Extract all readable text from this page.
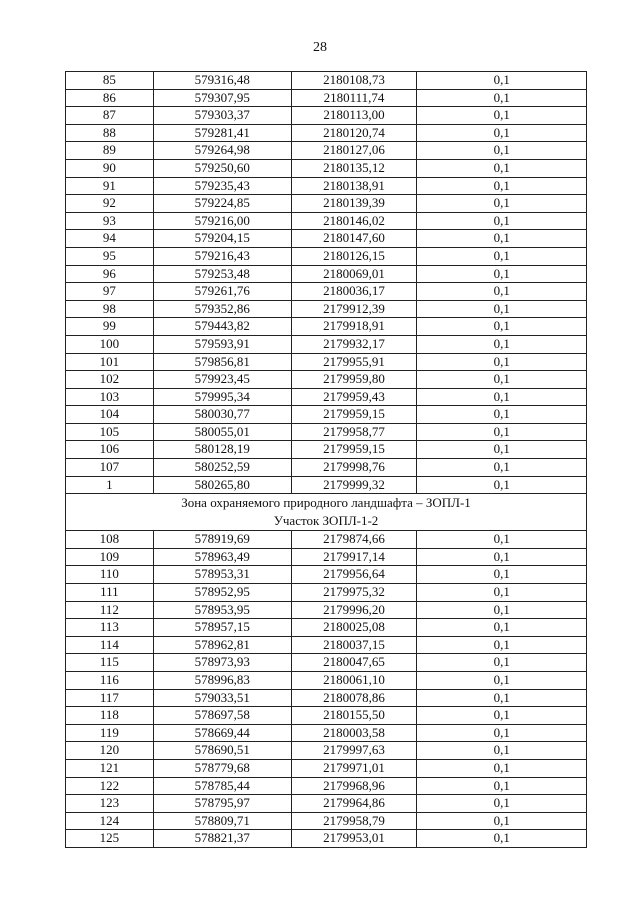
28
85	579316,48	2180108,73	0,1
86	579307,95	2180111,74	0,1
87	579303,37	2180113,00	0,1
88	579281,41	2180120,74	0,1
89	579264,98	2180127,06	0,1
90	579250,60	2180135,12	0,1
91	579235,43	2180138,91	0,1
92	579224,85	2180139,39	0,1
93	579216,00	2180146,02	0,1
94	579204,15	2180147,60	0,1
95	579216,43	2180126,15	0,1
96	579253,48	2180069,01	0,1
97	579261,76	2180036,17	0,1
98	579352,86	2179912,39	0,1
99	579443,82	2179918,91	0,1
100	579593,91	2179932,17	0,1
101	579856,81	2179955,91	0,1
102	579923,45	2179959,80	0,1
103	579995,34	2179959,43	0,1
104	580030,77	2179959,15	0,1
105	580055,01	2179958,77	0,1
106	580128,19	2179959,15	0,1
107	580252,59	2179998,76	0,1
1	580265,80	2179999,32	0,1

Зона охраняемого природного ландшафта – ЗОПЛ-1
Участок ЗОПЛ-1-2			

108	578919,69	2179874,66	0,1
109	578963,49	2179917,14	0,1
110	578953,31	2179956,64	0,1
111	578952,95	2179975,32	0,1
112	578953,95	2179996,20	0,1
113	578957,15	2180025,08	0,1
114	578962,81	2180037,15	0,1
115	578973,93	2180047,65	0,1
116	578996,83	2180061,10	0,1
117	579033,51	2180078,86	0,1
118	578697,58	2180155,50	0,1
119	578669,44	2180003,58	0,1
120	578690,51	2179997,63	0,1
121	578779,68	2179971,01	0,1
122	578785,44	2179968,96	0,1
123	578795,97	2179964,86	0,1
124	578809,71	2179958,79	0,1
125	578821,37	2179953,01	0,1
